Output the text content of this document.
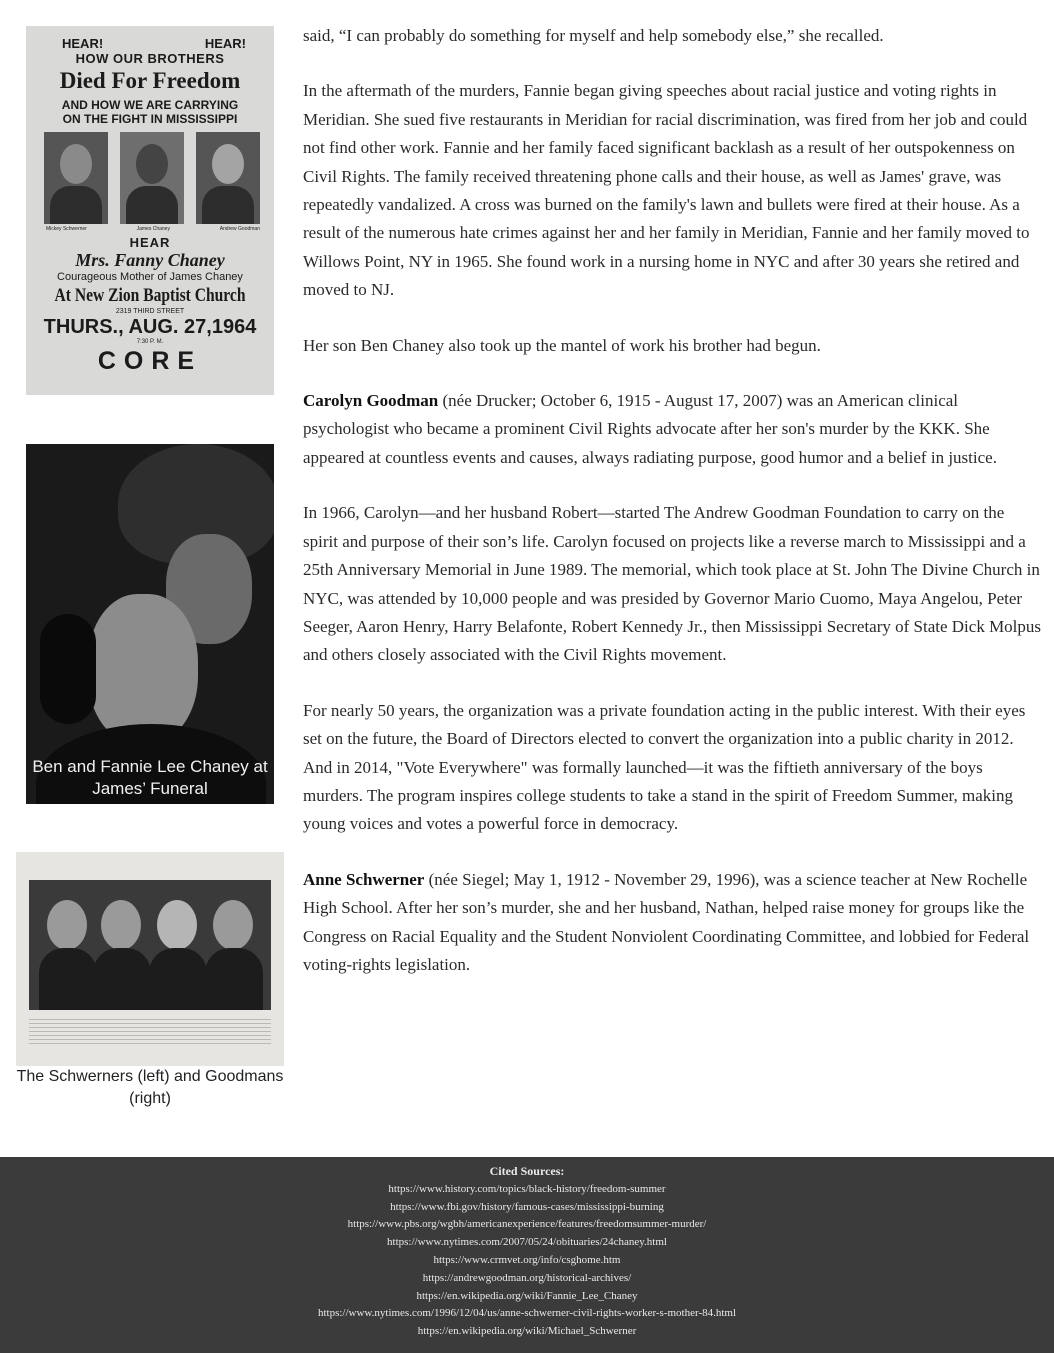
HEAR!	HEAR!
HOW OUR BROTHERS
Died For Freedom
AND HOW WE ARE CARRYING
ON THE FIGHT IN MISSISSIPPI
Mickey Schwerner	James Chaney	Andrew Goodman
HEAR
Mrs. Fanny Chaney
Courageous Mother of James Chaney
At New Zion Baptist Church
2319 THIRD STREET
THURS., AUG. 27,1964
7:30 P. M.
CORE
Ben and Fannie Lee Chaney at James’ Funeral
The Schwerners (left) and Goodmans (right)

said, “I can probably do something for myself and help somebody else,” she recalled.

In the aftermath of the murders, Fannie began giving speeches about racial justice and voting rights in Meridian. She sued five restaurants in Meridian for racial discrimination, was fired from her job and could not find other work. Fannie and her family faced significant backlash as a result of her outspokenness on Civil Rights. The family received threatening phone calls and their house, as well as James' grave, was repeatedly vandalized. A cross was burned on the family's lawn and bullets were fired at their house. As a result of the numerous hate crimes against her and her family in Meridian, Fannie and her family moved to Willows Point, NY in 1965. She found work in a nursing home in NYC and after 30 years she retired and moved to NJ.

Her son Ben Chaney also took up the mantel of work his brother had begun.

Carolyn Goodman (née Drucker; October 6, 1915 - August 17, 2007) was an American clinical psychologist who became a prominent Civil Rights advocate after her son's murder by the KKK. She appeared at countless events and causes, always radiating purpose, good humor and a belief in justice.

In 1966, Carolyn—and her husband Robert—started The Andrew Goodman Foundation to carry on the spirit and purpose of their son’s life. Carolyn focused on projects like a reverse march to Mississippi and a 25th Anniversary Memorial in June 1989. The memorial, which took place at St. John The Divine Church in NYC, was attended by 10,000 people and was presided by Governor Mario Cuomo, Maya Angelou, Peter Seeger, Aaron Henry, Harry Belafonte, Robert Kennedy Jr., then Mississippi Secretary of State Dick Molpus and others closely associated with the Civil Rights movement.

For nearly 50 years, the organization was a private foundation acting in the public interest. With their eyes set on the future, the Board of Directors elected to convert the organization into a public charity in 2012. And in 2014, "Vote Everywhere" was formally launched—it was the fiftieth anniversary of the boys murders. The program inspires college students to take a stand in the spirit of Freedom Summer, making young voices and votes a powerful force in democracy.

Anne Schwerner (née Siegel; May 1, 1912 - November 29, 1996), was a science teacher at New Rochelle High School. After her son’s murder, she and her husband, Nathan, helped raise money for groups like the Congress on Racial Equality and the Student Nonviolent Coordinating Committee, and lobbied for Federal voting-rights legislation.

Cited Sources:
https://www.history.com/topics/black-history/freedom-summer
https://www.fbi.gov/history/famous-cases/mississippi-burning
https://www.pbs.org/wgbh/americanexperience/features/freedomsummer-murder/
https://www.nytimes.com/2007/05/24/obituaries/24chaney.html
https://www.crmvet.org/info/csghome.htm
https://andrewgoodman.org/historical-archives/
https://en.wikipedia.org/wiki/Fannie_Lee_Chaney
https://www.nytimes.com/1996/12/04/us/anne-schwerner-civil-rights-worker-s-mother-84.html
https://en.wikipedia.org/wiki/Michael_Schwerner
